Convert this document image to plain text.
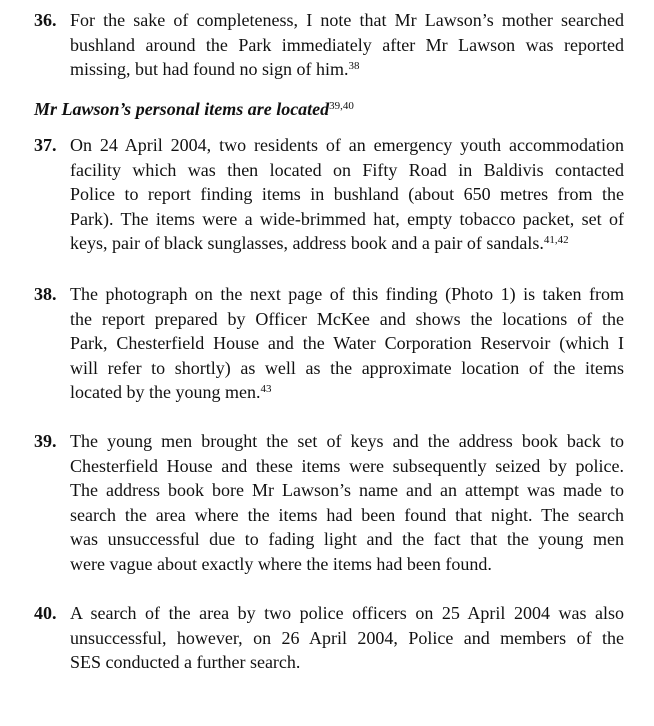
36. For the sake of completeness, I note that Mr Lawson’s mother searched
bushland around the Park immediately after Mr Lawson was reported
missing, but had found no sign of him.$^{38}$
Mr Lawson’s personal items are located$^{39,40}$
37. On 24 April 2004, two residents of an emergency youth accommodation
facility which was then located on Fifty Road in Baldivis contacted
Police to report finding items in bushland (about 650 metres from the
Park). The items were a wide-brimmed hat, empty tobacco packet, set of
keys, pair of black sunglasses, address book and a pair of sandals.$^{41,42}$
38. The photograph on the next page of this finding (Photo 1) is taken from
the report prepared by Officer McKee and shows the locations of the
Park, Chesterfield House and the Water Corporation Reservoir (which I
will refer to shortly) as well as the approximate location of the items
located by the young men.$^{43}$
39. The young men brought the set of keys and the address book back to
Chesterfield House and these items were subsequently seized by police.
The address book bore Mr Lawson’s name and an attempt was made to
search the area where the items had been found that night. The search
was unsuccessful due to fading light and the fact that the young men
were vague about exactly where the items had been found.
40. A search of the area by two police officers on 25 April 2004 was also
unsuccessful, however, on 26 April 2004, Police and members of the
SES conducted a further search.
